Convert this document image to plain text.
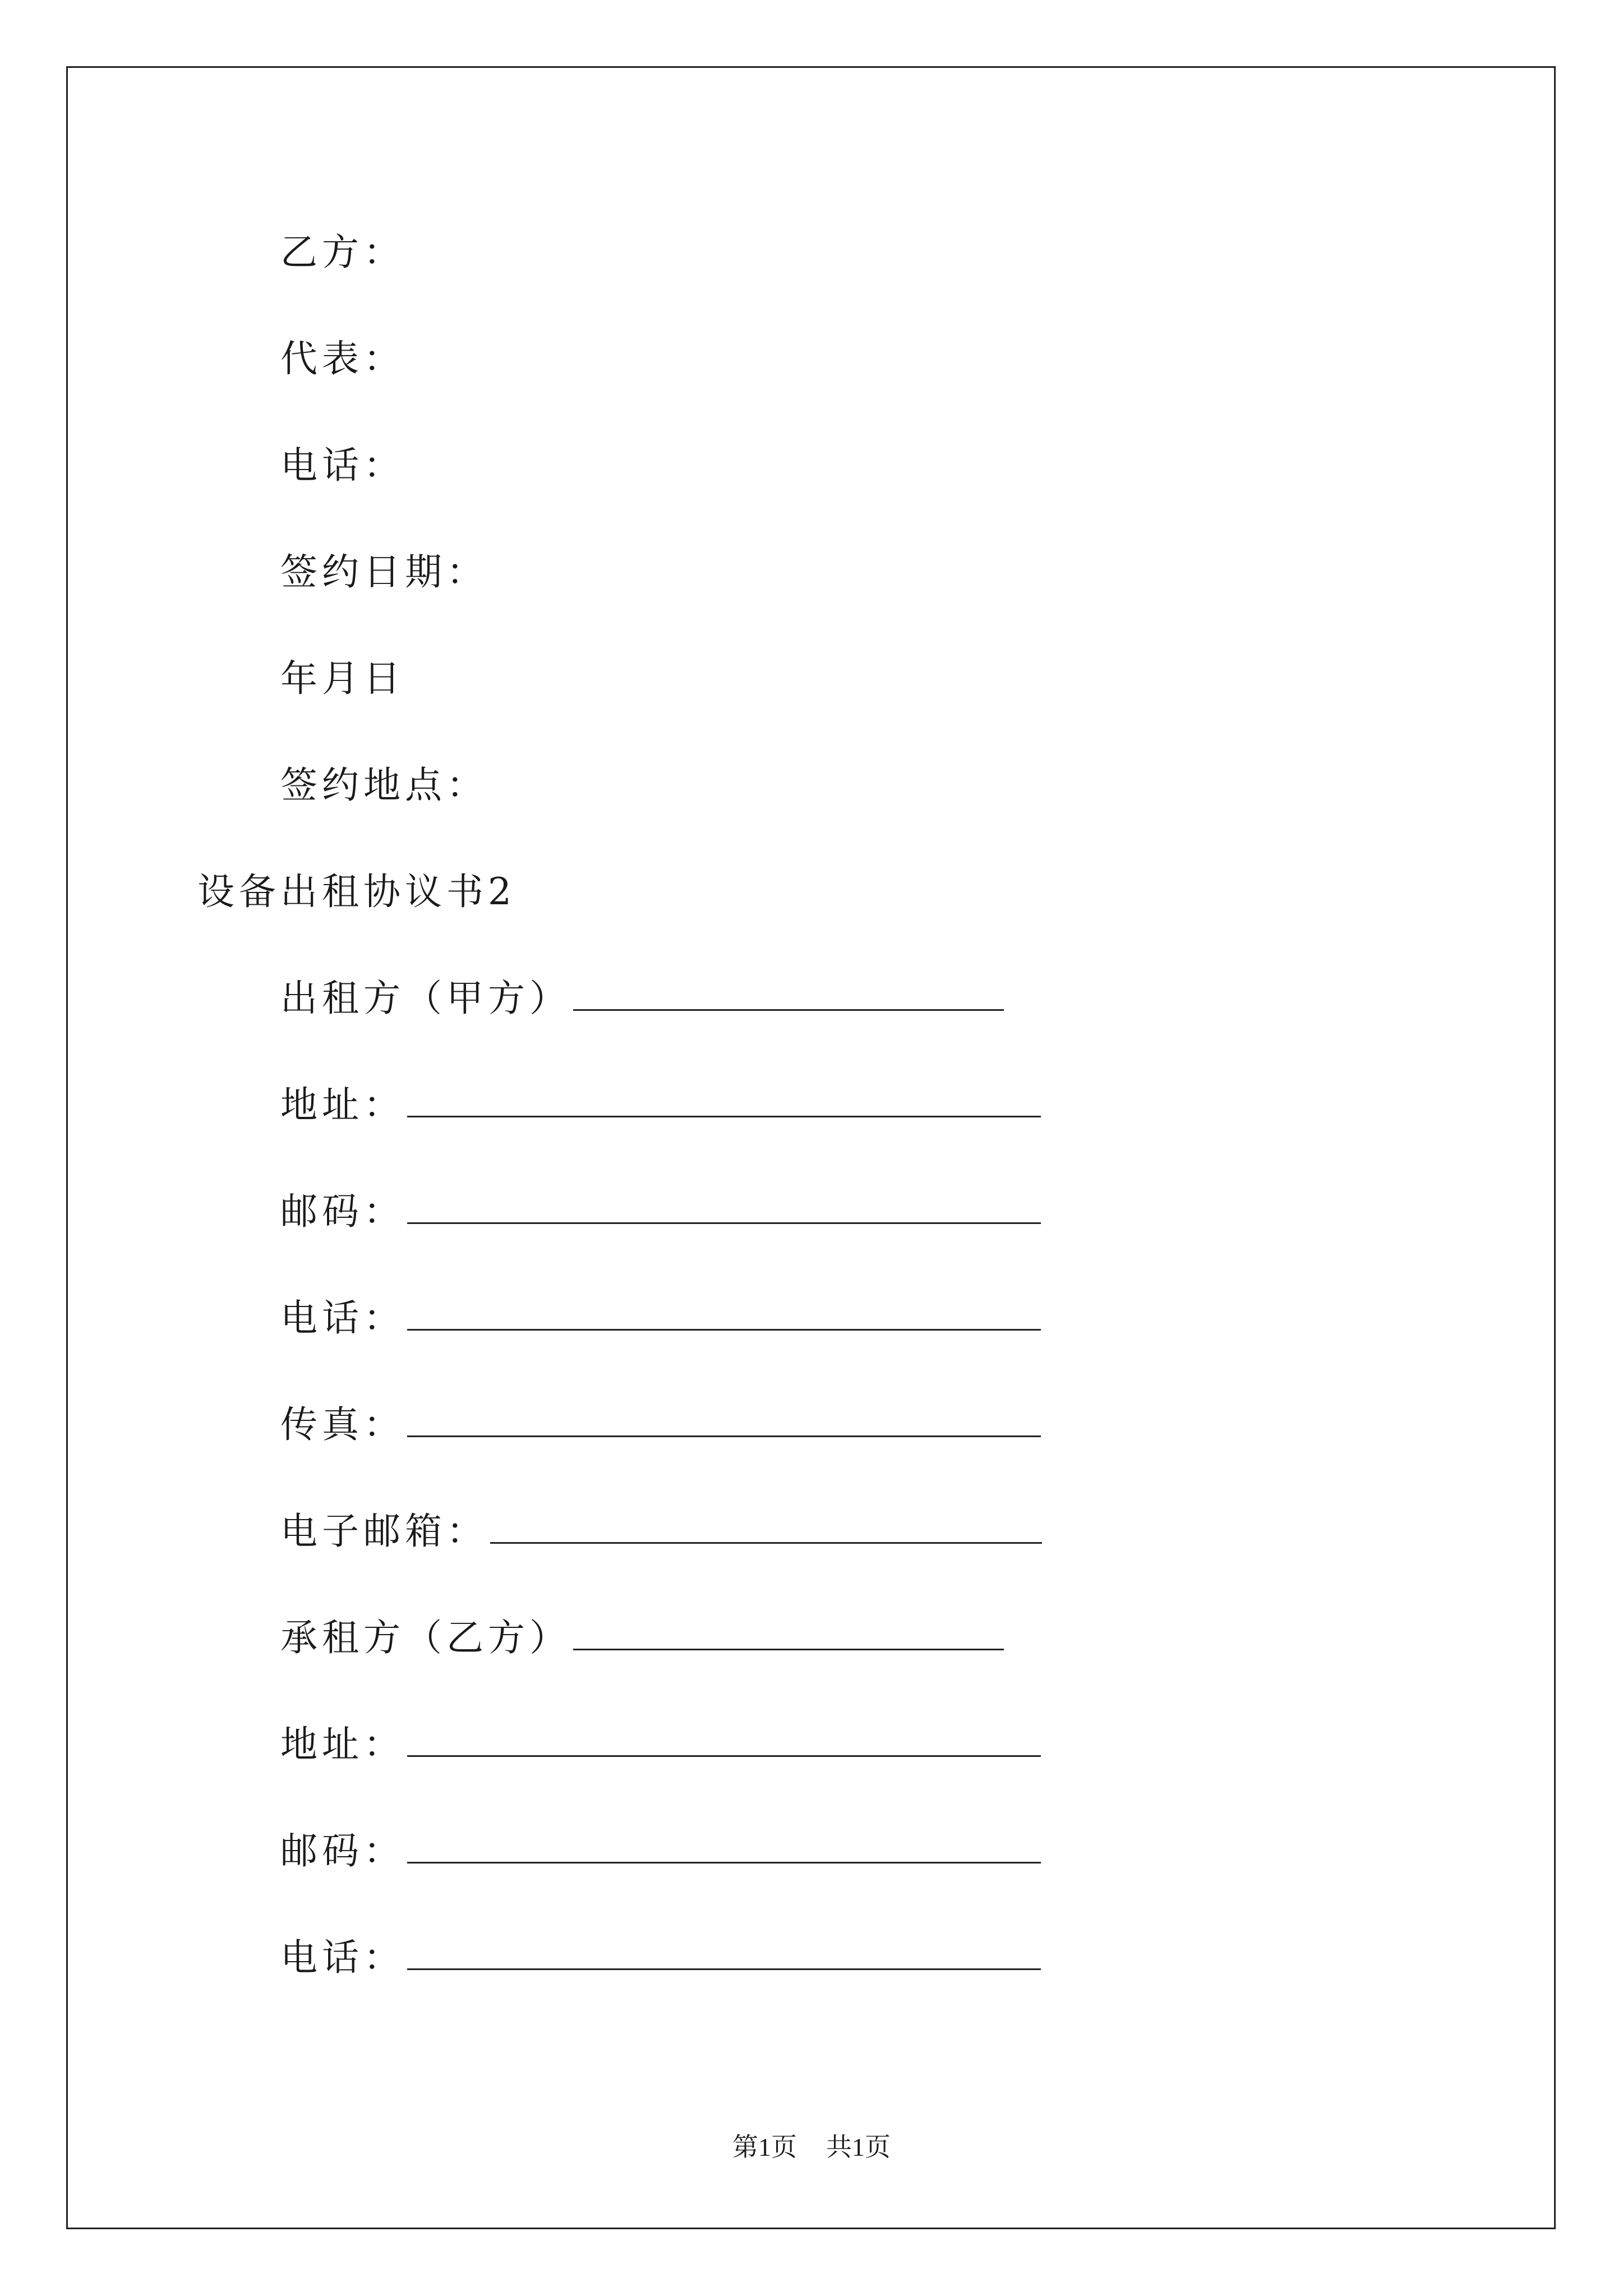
乙方：
代表：
电话：
签约日期：
年月日
签约地点：
设备出租协议书2
出租方（甲方）
地址：
邮码：
电话：
传真：
电子邮箱：
承租方（乙方）
地址：
邮码：
电话：
第1页 共1页
